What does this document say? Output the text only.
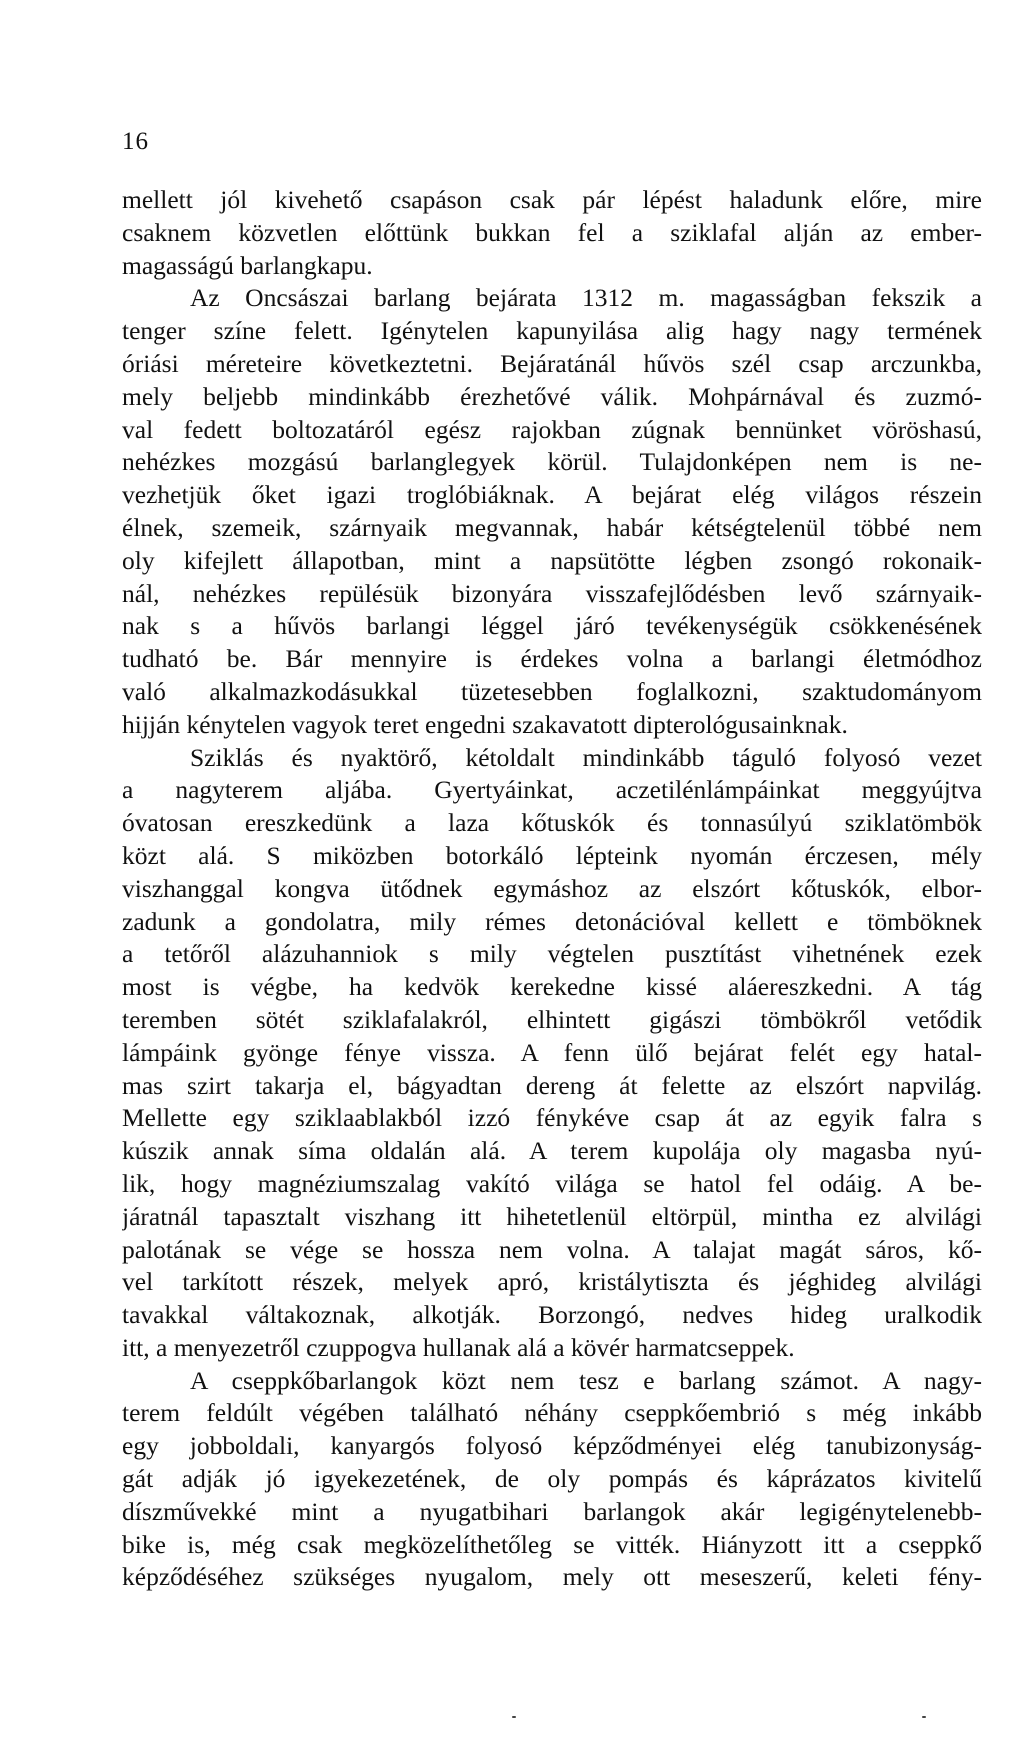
16
mellett jól kivehető csapáson csak pár lépést haladunk előre, mire
csaknem közvetlen előttünk bukkan fel a sziklafal alján az ember-
magasságú barlangkapu.
Az Oncsászai barlang bejárata 1312 m. magasságban fekszik a
tenger színe felett. Igénytelen kapunyilása alig hagy nagy termének
óriási méreteire következtetni. Bejáratánál hűvös szél csap arczunkba,
mely beljebb mindinkább érezhetővé válik. Mohpárnával és zuzmó-
val fedett boltozatáról egész rajokban zúgnak bennünket vöröshasú,
nehézkes mozgású barlanglegyek körül. Tulajdonképen nem is ne-
vezhetjük őket igazi troglóbiáknak. A bejárat elég világos részein
élnek, szemeik, szárnyaik megvannak, habár kétségtelenül többé nem
oly kifejlett állapotban, mint a napsütötte légben zsongó rokonaik-
nál, nehézkes repülésük bizonyára visszafejlődésben levő szárnyaik-
nak s a hűvös barlangi léggel járó tevékenységük csökkenésének
tudható be. Bár mennyire is érdekes volna a barlangi életmódhoz
való alkalmazkodásukkal tüzetesebben foglalkozni, szaktudományom
hijján kénytelen vagyok teret engedni szakavatott dipterológusainknak.
Sziklás és nyaktörő, kétoldalt mindinkább táguló folyosó vezet
a nagyterem aljába. Gyertyáinkat, aczetilénlámpáinkat meggyújtva
óvatosan ereszkedünk a laza kőtuskók és tonnasúlyú sziklatömbök
közt alá. S miközben botorkáló lépteink nyomán érczesen, mély
viszhanggal kongva ütődnek egymáshoz az elszórt kőtuskók, elbor-
zadunk a gondolatra, mily rémes detonációval kellett e tömböknek
a tetőről alázuhanniok s mily végtelen pusztítást vihetnének ezek
most is végbe, ha kedvök kerekedne kissé aláereszkedni. A tág
teremben sötét sziklafalakról, elhintett gigászi tömbökről vetődik
lámpáink gyönge fénye vissza. A fenn ülő bejárat felét egy hatal-
mas szirt takarja el, bágyadtan dereng át felette az elszórt napvilág.
Mellette egy sziklaablakból izzó fénykéve csap át az egyik falra s
kúszik annak síma oldalán alá. A terem kupolája oly magasba nyú-
lik, hogy magnéziumszalag vakító világa se hatol fel odáig. A be-
járatnál tapasztalt viszhang itt hihetetlenül eltörpül, mintha ez alvilági
palotának se vége se hossza nem volna. A talajat magát sáros, kő-
vel tarkított részek, melyek apró, kristálytiszta és jéghideg alvilági
tavakkal váltakoznak, alkotják. Borzongó, nedves hideg uralkodik
itt, a menyezetről czuppogva hullanak alá a kövér harmatcseppek.
A cseppkőbarlangok közt nem tesz e barlang számot. A nagy-
terem feldúlt végében található néhány cseppkőembrió s még inkább
egy jobboldali, kanyargós folyosó képződményei elég tanubizonyság-
gát adják jó igyekezetének, de oly pompás és káprázatos kivitelű
díszművekké mint a nyugatbihari barlangok akár legigénytelenebb-
bike is, még csak megközelíthetőleg se vitték. Hiányzott itt a cseppkő
képződéséhez szükséges nyugalom, mely ott meseszerű, keleti fény-
